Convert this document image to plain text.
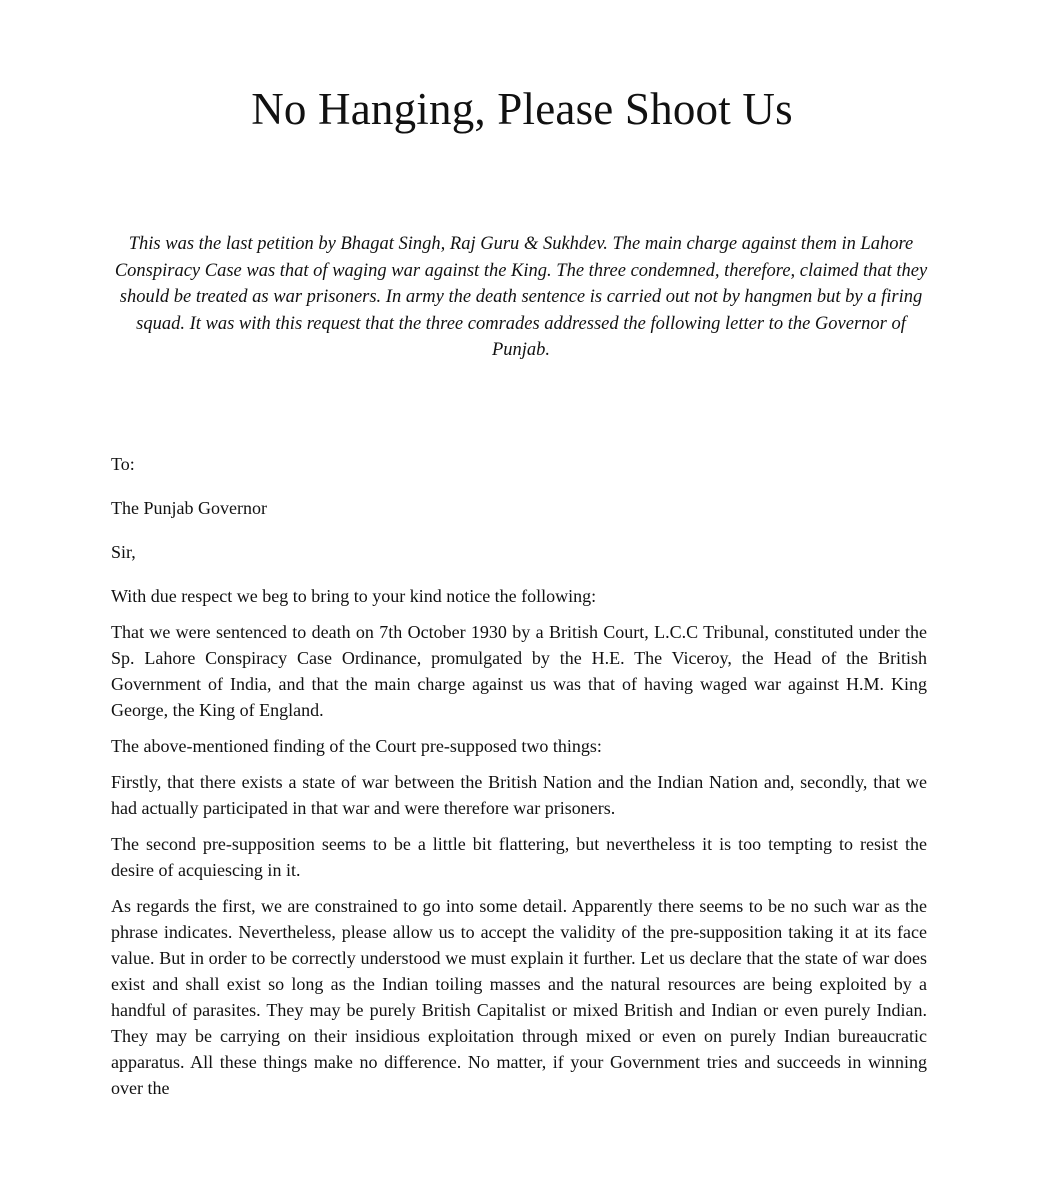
No Hanging, Please Shoot Us

This was the last petition by Bhagat Singh, Raj Guru & Sukhdev. The main charge against them in Lahore Conspiracy Case was that of waging war against the King. The three condemned, therefore, claimed that they should be treated as war prisoners. In army the death sentence is carried out not by hangmen but by a firing squad. It was with this request that the three comrades addressed the following letter to the Governor of Punjab.

To:

The Punjab Governor

Sir,

With due respect we beg to bring to your kind notice the following:

That we were sentenced to death on 7th October 1930 by a British Court, L.C.C Tribunal, constituted under the Sp. Lahore Conspiracy Case Ordinance, promulgated by the H.E. The Viceroy, the Head of the British Government of India, and that the main charge against us was that of having waged war against H.M. King George, the King of England.

The above-mentioned finding of the Court pre-supposed two things:

Firstly, that there exists a state of war between the British Nation and the Indian Nation and, secondly, that we had actually participated in that war and were therefore war prisoners.

The second pre-supposition seems to be a little bit flattering, but nevertheless it is too tempting to resist the desire of acquiescing in it.

As regards the first, we are constrained to go into some detail. Apparently there seems to be no such war as the phrase indicates. Nevertheless, please allow us to accept the validity of the pre-supposition taking it at its face value. But in order to be correctly understood we must explain it further. Let us declare that the state of war does exist and shall exist so long as the Indian toiling masses and the natural resources are being exploited by a handful of parasites. They may be purely British Capitalist or mixed British and Indian or even purely Indian. They may be carrying on their insidious exploitation through mixed or even on purely Indian bureaucratic apparatus. All these things make no difference. No matter, if your Government tries and succeeds in winning over the
